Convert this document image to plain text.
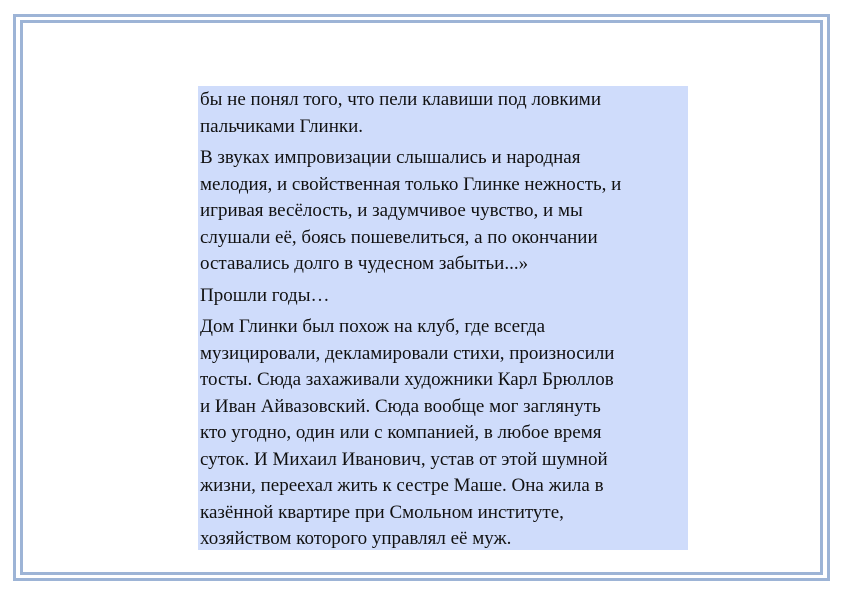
бы не понял того, что пели клавиши под ловкими
пальчиками Глинки.

В звуках импровизации слышались и народная
мелодия, и свойственная только Глинке нежность, и
игривая весёлость, и задумчивое чувство, и мы
слушали её, боясь пошевелиться, а по окончании
оставались долго в чудесном забытьи...»

Прошли годы…

Дом Глинки был похож на клуб, где всегда
музицировали, декламировали стихи, произносили
тосты. Сюда захаживали художники Карл Брюллов
и Иван Айвазовский. Сюда вообще мог заглянуть
кто угодно, один или с компанией, в любое время
суток. И Михаил Иванович, устав от этой шумной
жизни, переехал жить к сестре Маше. Она жила в
казённой квартире при Смольном институте,
хозяйством которого управлял её муж.
